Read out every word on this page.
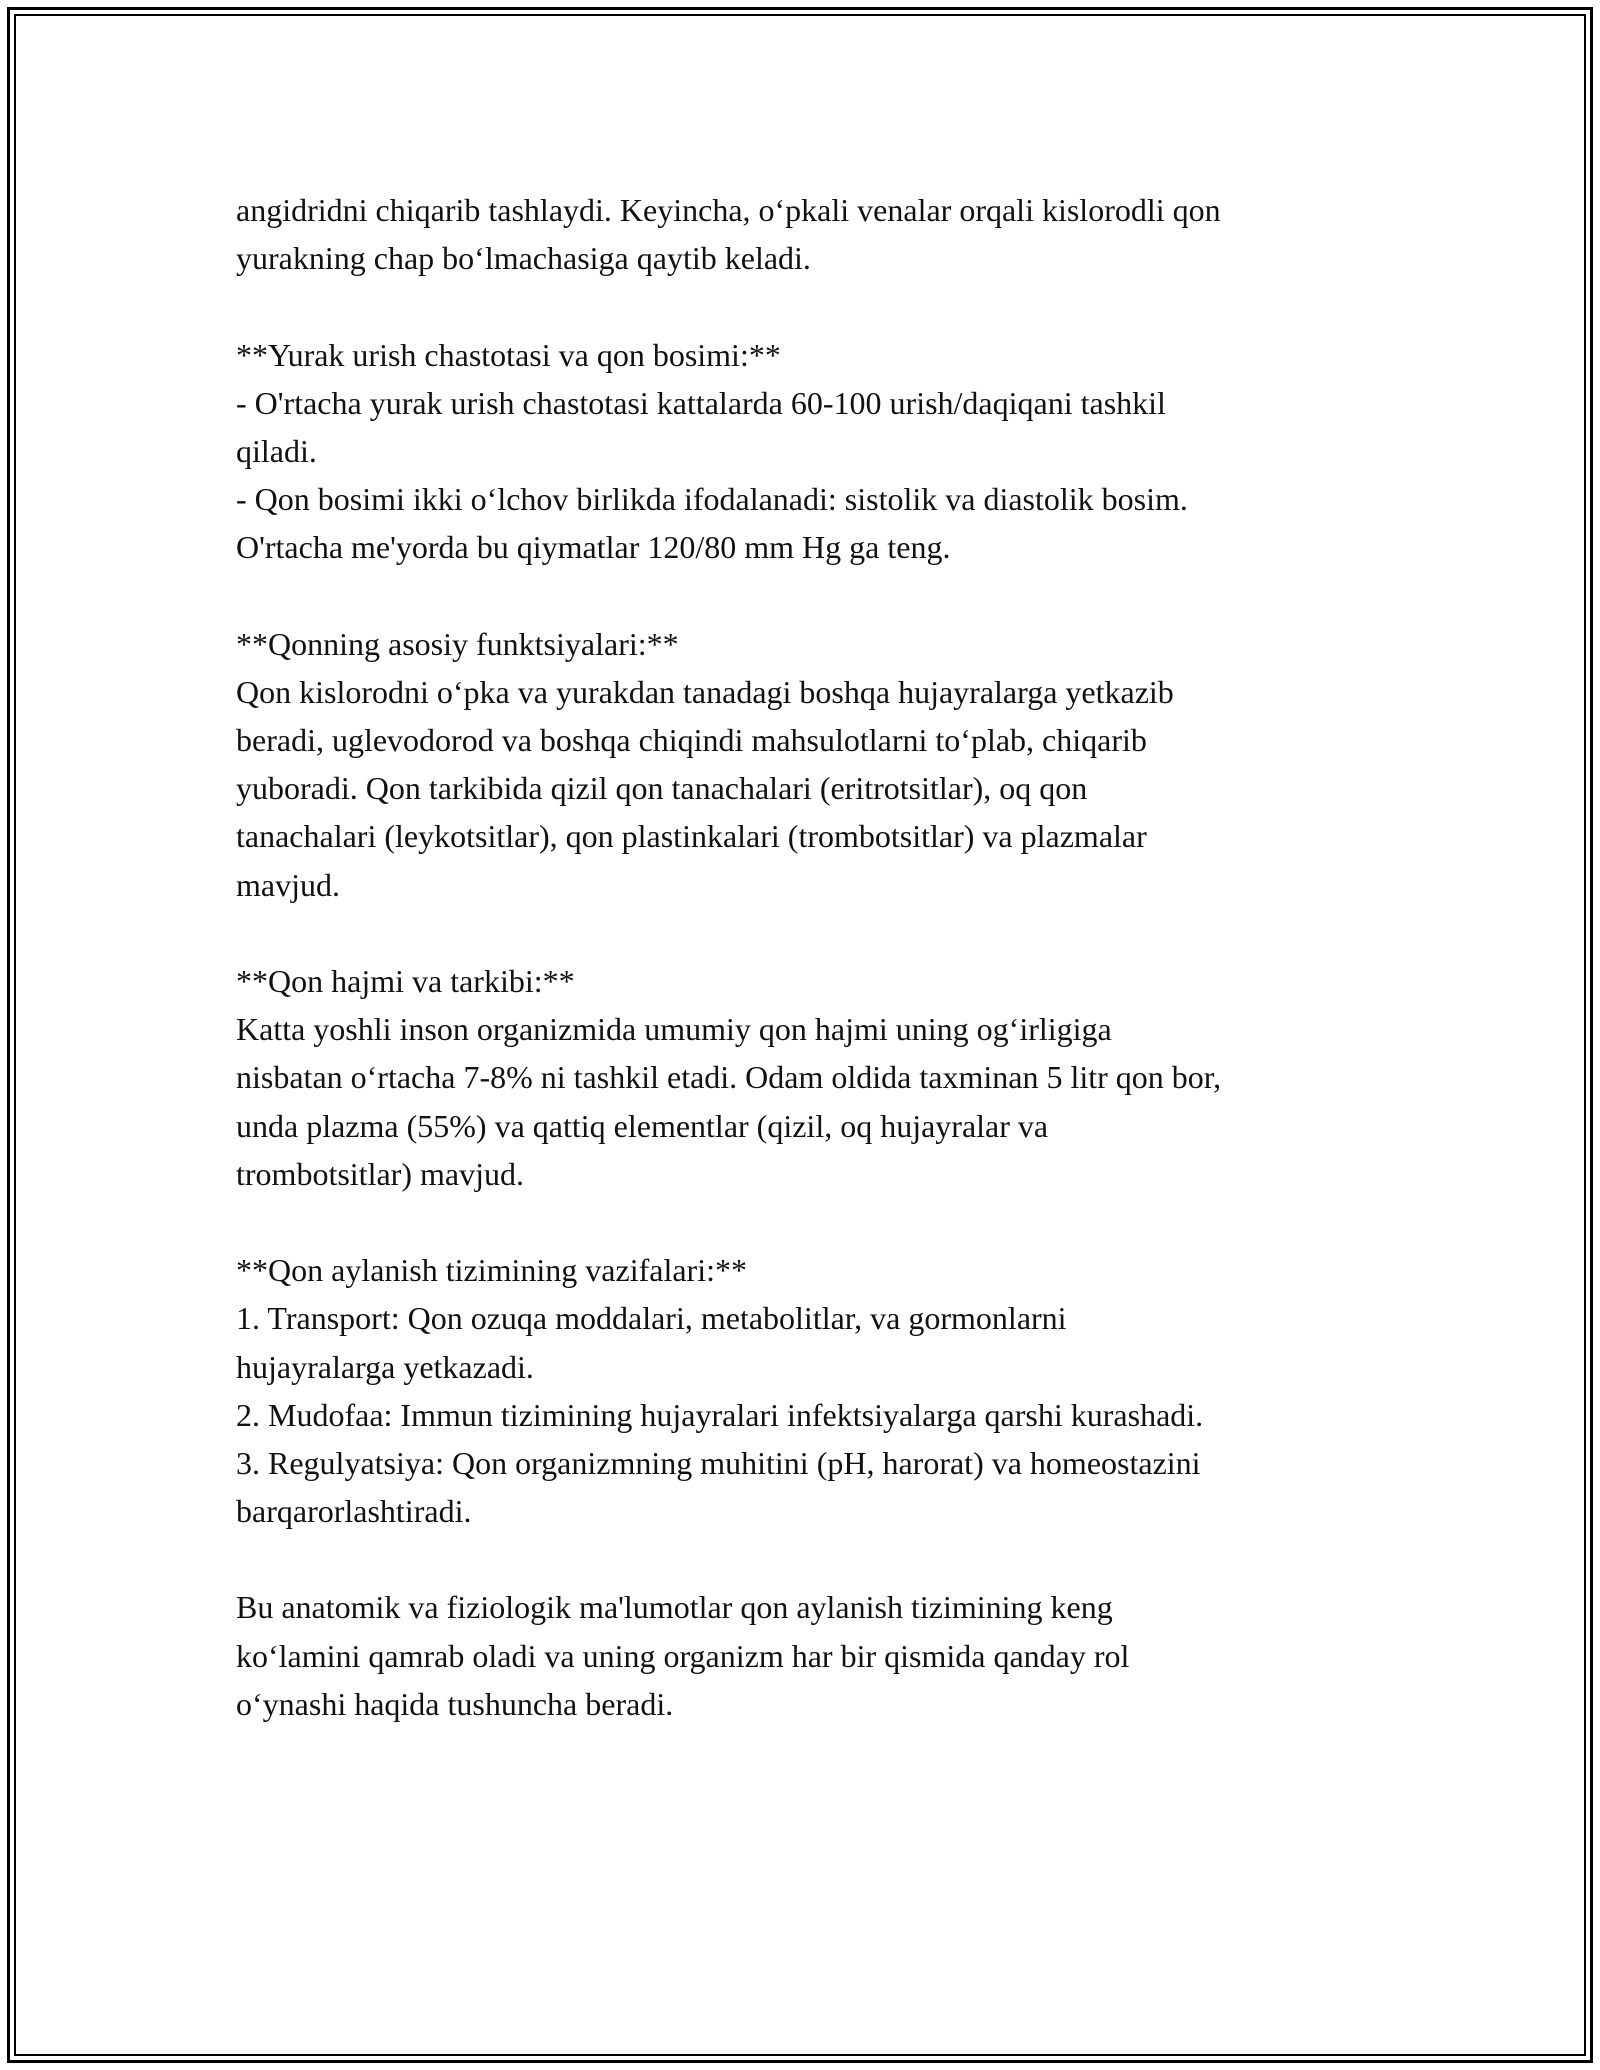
angidridni chiqarib tashlaydi. Keyincha, o‘pkali venalar orqali kislorodli qon
yurakning chap bo‘lmachasiga qaytib keladi.
**Yurak urish chastotasi va qon bosimi:**
- O'rtacha yurak urish chastotasi kattalarda 60-100 urish/daqiqani tashkil
qiladi.
- Qon bosimi ikki o‘lchov birlikda ifodalanadi: sistolik va diastolik bosim.
O'rtacha me'yorda bu qiymatlar 120/80 mm Hg ga teng.
**Qonning asosiy funktsiyalari:**
Qon kislorodni o‘pka va yurakdan tanadagi boshqa hujayralarga yetkazib
beradi, uglevodorod va boshqa chiqindi mahsulotlarni to‘plab, chiqarib
yuboradi. Qon tarkibida qizil qon tanachalari (eritrotsitlar), oq qon
tanachalari (leykotsitlar), qon plastinkalari (trombotsitlar) va plazmalar
mavjud.
**Qon hajmi va tarkibi:**
Katta yoshli inson organizmida umumiy qon hajmi uning og‘irligiga
nisbatan o‘rtacha 7-8% ni tashkil etadi. Odam oldida taxminan 5 litr qon bor,
unda plazma (55%) va qattiq elementlar (qizil, oq hujayralar va
trombotsitlar) mavjud.
**Qon aylanish tizimining vazifalari:**
1. Transport: Qon ozuqa moddalari, metabolitlar, va gormonlarni
hujayralarga yetkazadi.
2. Mudofaa: Immun tizimining hujayralari infektsiyalarga qarshi kurashadi.
3. Regulyatsiya: Qon organizmning muhitini (pH, harorat) va homeostazini
barqarorlashtiradi.
Bu anatomik va fiziologik ma'lumotlar qon aylanish tizimining keng
ko‘lamini qamrab oladi va uning organizm har bir qismida qanday rol
o‘ynashi haqida tushuncha beradi.
